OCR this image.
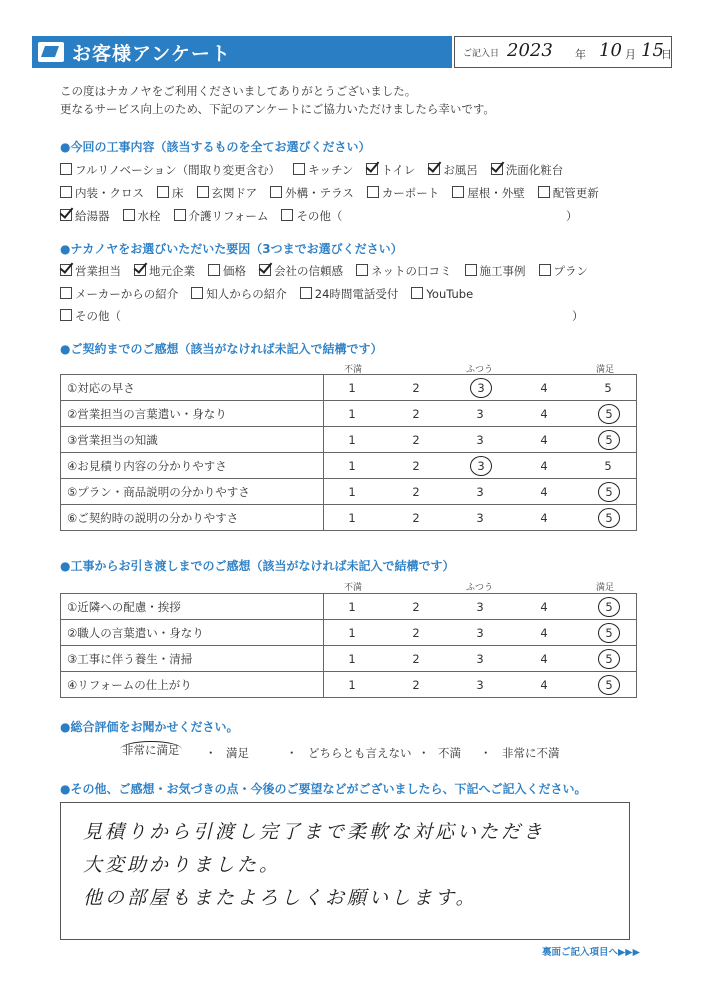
お客様アンケート	ご記入日 2023 年 10 月 15
日
この度はナカノヤをご利用くださいましてありがとうございました。
更なるサービス向上のため、下記のアンケートにご協力いただけましたら幸いです。
●今回の工事内容（該当するものを全てお選びください）
フルリノベーション（間取り変更含む） キッチン トイレ お風呂 洗面化粧台
内装・クロス 床 玄関ドア 外構・テラス カーポート 屋根・外壁 配管更新
給湯器 水栓 介護リフォーム その他（	）
●ナカノヤをお選びいただいた要因（3つまでお選びください）
営業担当 地元企業 価格 会社の信頼感 ネットの口コミ 施工事例 プラン
メーカーからの紹介 知人からの紹介 24時間電話受付 YouTube
その他（	）
●ご契約までのご感想（該当がなければ未記入で結構です）
不満	ふつう	満足
①対応の早さ	1 2 3 4 5

②営業担当の言葉遣い・身なり	1 2 3 4 5

③営業担当の知識	1 2 3 4 5

④お見積り内容の分かりやすさ	1 2 3 4 5

⑤プラン・商品説明の分かりやすさ	1 2 3 4 5

⑥ご契約時の説明の分かりやすさ	1 2 3 4 5
●工事からお引き渡しまでのご感想（該当がなければ未記入で結構です）
不満	ふつう	満足
①近隣への配慮・挨拶	1 2 3 4 5

②職人の言葉遣い・身なり	1 2 3 4 5

③工事に伴う養生・清掃	1 2 3 4 5

④リフォームの仕上がり	1 2 3 4 5
●総合評価をお聞かせください。
非常に満足 ・ 満足	・ どちらとも言えない ・ 不満 ・ 非常に不満
●その他、ご感想・お気づきの点・今後のご要望などがございましたら、下記へご記入ください。
見積りから引渡し完了まで柔軟な対応いただき
大変助かりました。
他の部屋もまたよろしくお願いします。
裏面ご記入項目へ▶▶▶
